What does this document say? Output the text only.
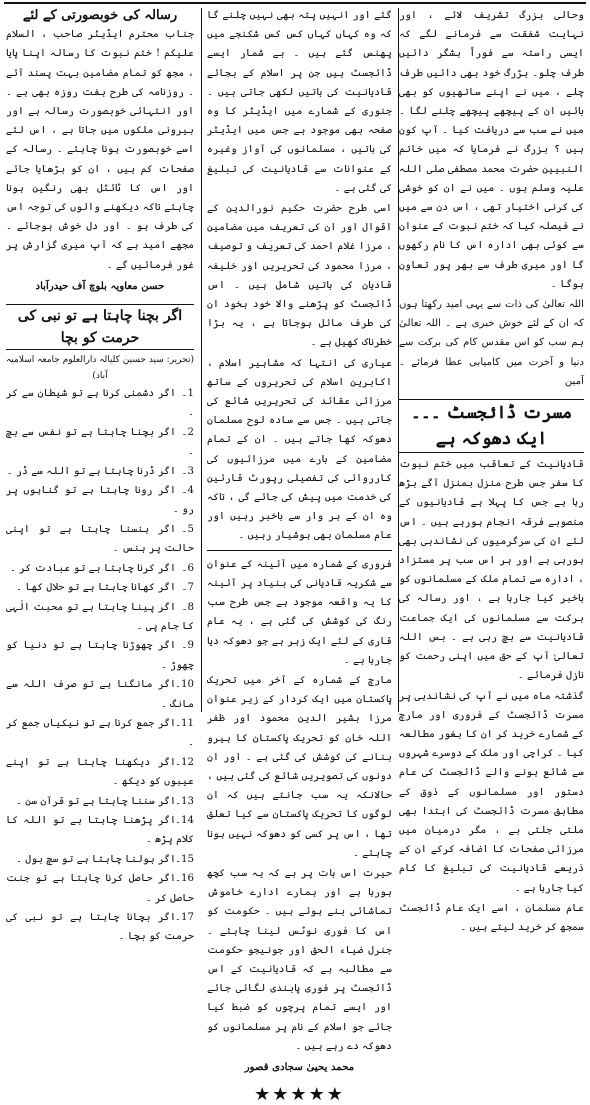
وحالی بزرگ تشریف لائے ، اور نہایت شفقت سے فرمانے لگے کہ ایسی راستہ سے فوراً بشگر دائیں طرف چلو۔ بڑرگ خود بھی دائیں طرف چلے ، میں نے اپنے ساتھیوں کو بھی بائیں ان کے پیچھے پیچھے چلنے لگا ۔ میں نے سب سے دریافت کیا ۔ آپ کون ہیں ؟ بزرگ نے فرمایا کہ میں خاتم النبیین حضرت محمد مصطفی صلی اللہ علیہ وسلم ہوں ۔ میں نے ان کو خوشی کی کرنی اختیار تھی ، اس دن سے میں نے فیصلہ کیا کہ ختم نبوت کے عنوان سے کوئی بھی ادارہ اس کا نام رکھوں گا اور میری طرف سے بھر پور تعاون ہوگا ۔

اللہ تعالیٰ کی ذات سے یہی امید رکھتا ہوں کہ ان کے لئے خوش خبری ہے ۔ اللہ تعالیٰ ہم سب کو اس مقدس کام کی برکت سے دنیا و آخرت میں کامیابی عطا فرمائے ۔ آمین

مسرت ڈائجسٹ ۔۔۔ ایک دھوکہ ہے

قادیانیت کے تعاقب میں ختم نبوت کا سفر جس طرح منزل بمنزل آگے بڑھ رہا ہے جس کا پہلا ہے قادیانیوں کے منصوبے فرقہ انجام ہورہے ہیں ۔ اس لئے ان کی سرگرمیوں کی نشاندہی بھی ہورہی ہے اور ہر اس سب پر مستزاد ، ادارہ سے تمام ملک کے مسلمانوں کو باخبر کیا جارہا ہے ، اور رسالہ کی برکت سے مسلمانوں کی ایک جماعت قادیانیت سے بچ رہی ہے ۔ بس اللہ تعالیٰ آپ کے حق میں اپنی رحمت کو نازل فرمائے ۔

گذشتہ ماہ میں نے آپ کی نشاندہی پر مسرت ڈائجسٹ کے فروری اور مارچ کے شمارے خرید کر ان کا بغور مطالعہ کیا ۔ کراچی اور ملک کے دوسرے شہروں سے شائع ہونے والے ڈائجسٹ کی عام دستور اور مسلمانوں کے ذوق کے مطابق مسرت ڈائجسٹ کی ابتدا بھی ملتی جلتی ہے ، مگر درمیان میں مرزائی صفحات کا اضافہ کرکے ان کے ذریعے قادیانیت کی تبلیغ کا کام کیا جارہا ہے ۔

عام مسلمان ، اسے ایک عام ڈائجسٹ سمجھ کر خرید لیتے ہیں ۔

گئے اور انہیں پتہ بھی نہیں چلنے گا کہ وہ کہاں کہاں کس کس شکنجے میں پھنس گئے ہیں ۔ بے شمار ایسے ڈائجسٹ ہیں جن پر اسلام کے بجائے قادیانیت کی باتیں لکھی جاتی ہیں ۔ جنوری کے شمارے میں ایڈیٹر کا وہ صفحہ بھی موجود ہے جس میں ایڈیٹر کی باتیں ، مسلمانوں کی آواز وغیرہ کے عنوانات سے قادیانیت کی تبلیغ کی گئی ہے ۔

اسی طرح حضرت حکیم نورالدین کے اقوال اور ان کی تعریف میں مضامین ، مرزا غلام احمد کی تعریف و توصیف ، مرزا محمود کی تحریریں اور خلیفہ قادیان کی باتیں شامل ہیں ۔ اس ڈائجسٹ کو پڑھنے والا خود بخود ان کی طرف مائل ہوجاتا ہے ، یہ بڑا خطرناک کھیل ہے ۔

عیاری کی انتہا کہ مشاہیر اسلام ، اکابرین اسلام کی تحریروں کے ساتھ مرزائی عقائد کی تحریریں شائع کی جاتی ہیں ۔ جس سے سادہ لوح مسلمان دھوکہ کھا جاتے ہیں ۔ ان کے تمام مضامین کے بارے میں مرزائیوں کی کارروائی کی تفصیلی رپورٹ قارئین کی خدمت میں پیش کی جائے گی ، تاکہ وہ ان کے ہر وار سے باخبر رہیں اور عام مسلمان بھی ہوشیار رہیں ۔

فروری کے شمارہ میں آئینہ کے عنوان سے شکریہ قادیانی کی بنیاد پر آئینہ کا یہ واقعہ موجود ہے جس طرح سب رنگ کی کوشش کی گئی ہے ، یہ عام قاری کے لئے ایک زہر ہے جو دھوکہ دیا جارہا ہے ۔

مارچ کے شمارہ کے آخر میں تحریک پاکستان میں ایک کردار کے زیر عنوان مرزا بشیر الدین محمود اور ظفر اللہ خان کو تحریک پاکستان کا ہیرو بنانے کی کوشش کی گئی ہے ۔ اور ان دونوں کی تصویریں شائع کی گئی ہیں ، حالانکہ یہ سب جانتے ہیں کہ ان لوگوں کا تحریک پاکستان سے کیا تعلق تھا ، اس پر کسی کو دھوکہ نہیں ہونا چاہئے ۔

حیرت اس بات پر ہے کہ یہ سب کچھ ہورہا ہے اور ہمارے ادارے خاموش تماشائی بنے ہوئے ہیں ۔ حکومت کو اس کا فوری نوٹس لینا چاہئے ۔ جنرل ضیاء الحق اور جونیجو حکومت سے مطالبہ ہے کہ قادیانیت کے اس ڈائجسٹ پر فوری پابندی لگائی جائے اور ایسے تمام پرچوں کو ضبط کیا جائے جو اسلام کے نام پر مسلمانوں کو دھوکہ دے رہے ہیں ۔

محمد یحییٰ سجادی قصور
★★★★★
رسالہ کی خوبصورتی کے لئے

جناب محترم ایڈیٹر صاحب ، السلام علیکم ! ختم نبوت کا رسالہ اپنا پایا ، مجھ کو تمام مضامین بہت پسند آئے ۔ روزنامہ کی طرح ہفت روزہ بھی ہے ۔ اور انتہائی خوبصورت رسالہ ہے اور بیرونی ملکوں میں جاتا ہے ، اس لئے اسے خوبصورت ہونا چاہئے ۔ رسالہ کے صفحات کم ہیں ، ان کو بڑھایا جائے اور اس کا ٹائٹل بھی رنگین ہونا چاہئے تاکہ دیکھنے والوں کی توجہ اس کی طرف ہو ۔ اور دل خوش ہوجائے ۔ مجھے امید ہے کہ آپ میری گزارش پر غور فرمائیں گے ۔

حسن معاویہ بلوچ آف حیدرآباد
اگر بچنا چاہتا ہے تو نبی کی حرمت کو بچا
(تحریر: سید حسین کلیالہ دارالعلوم جامعہ اسلامیہ آباد)
1۔اگر دشمنی کرنا ہے تو شیطان سے کر ۔
2۔اگر بچنا چاہتا ہے تو نفس سے بچ ۔
3۔اگر ڈرنا چاہتا ہے تو اللہ سے ڈر ۔
4۔اگر رونا چاہتا ہے تو گناہوں پر رو ۔
5۔اگر ہنسنا چاہتا ہے تو اپنی حالت پر ہنس ۔
6۔اگر کرنا چاہتا ہے تو عبادت کر ۔
7۔اگر کھانا چاہتا ہے تو حلال کھا ۔
8۔اگر پینا چاہتا ہے تو محبت الٰہی کا جام پی ۔
9۔اگر چھوڑنا چاہتا ہے تو دنیا کو چھوڑ ۔
10۔اگر مانگنا ہے تو صرف اللہ سے مانگ ۔
11۔اگر جمع کرنا ہے تو نیکیاں جمع کر ۔
12۔اگر دیکھنا چاہتا ہے تو اپنے عیبوں کو دیکھ ۔
13۔اگر سننا چاہتا ہے تو قرآن سن ۔
14۔اگر پڑھنا چاہتا ہے تو اللہ کا کلام پڑھ ۔
15۔اگر بولنا چاہتا ہے تو سچ بول ۔
16۔اگر حاصل کرنا چاہتا ہے تو جنت حاصل کر ۔
17۔اگر بچانا چاہتا ہے تو نبی کی حرمت کو بچا ۔
